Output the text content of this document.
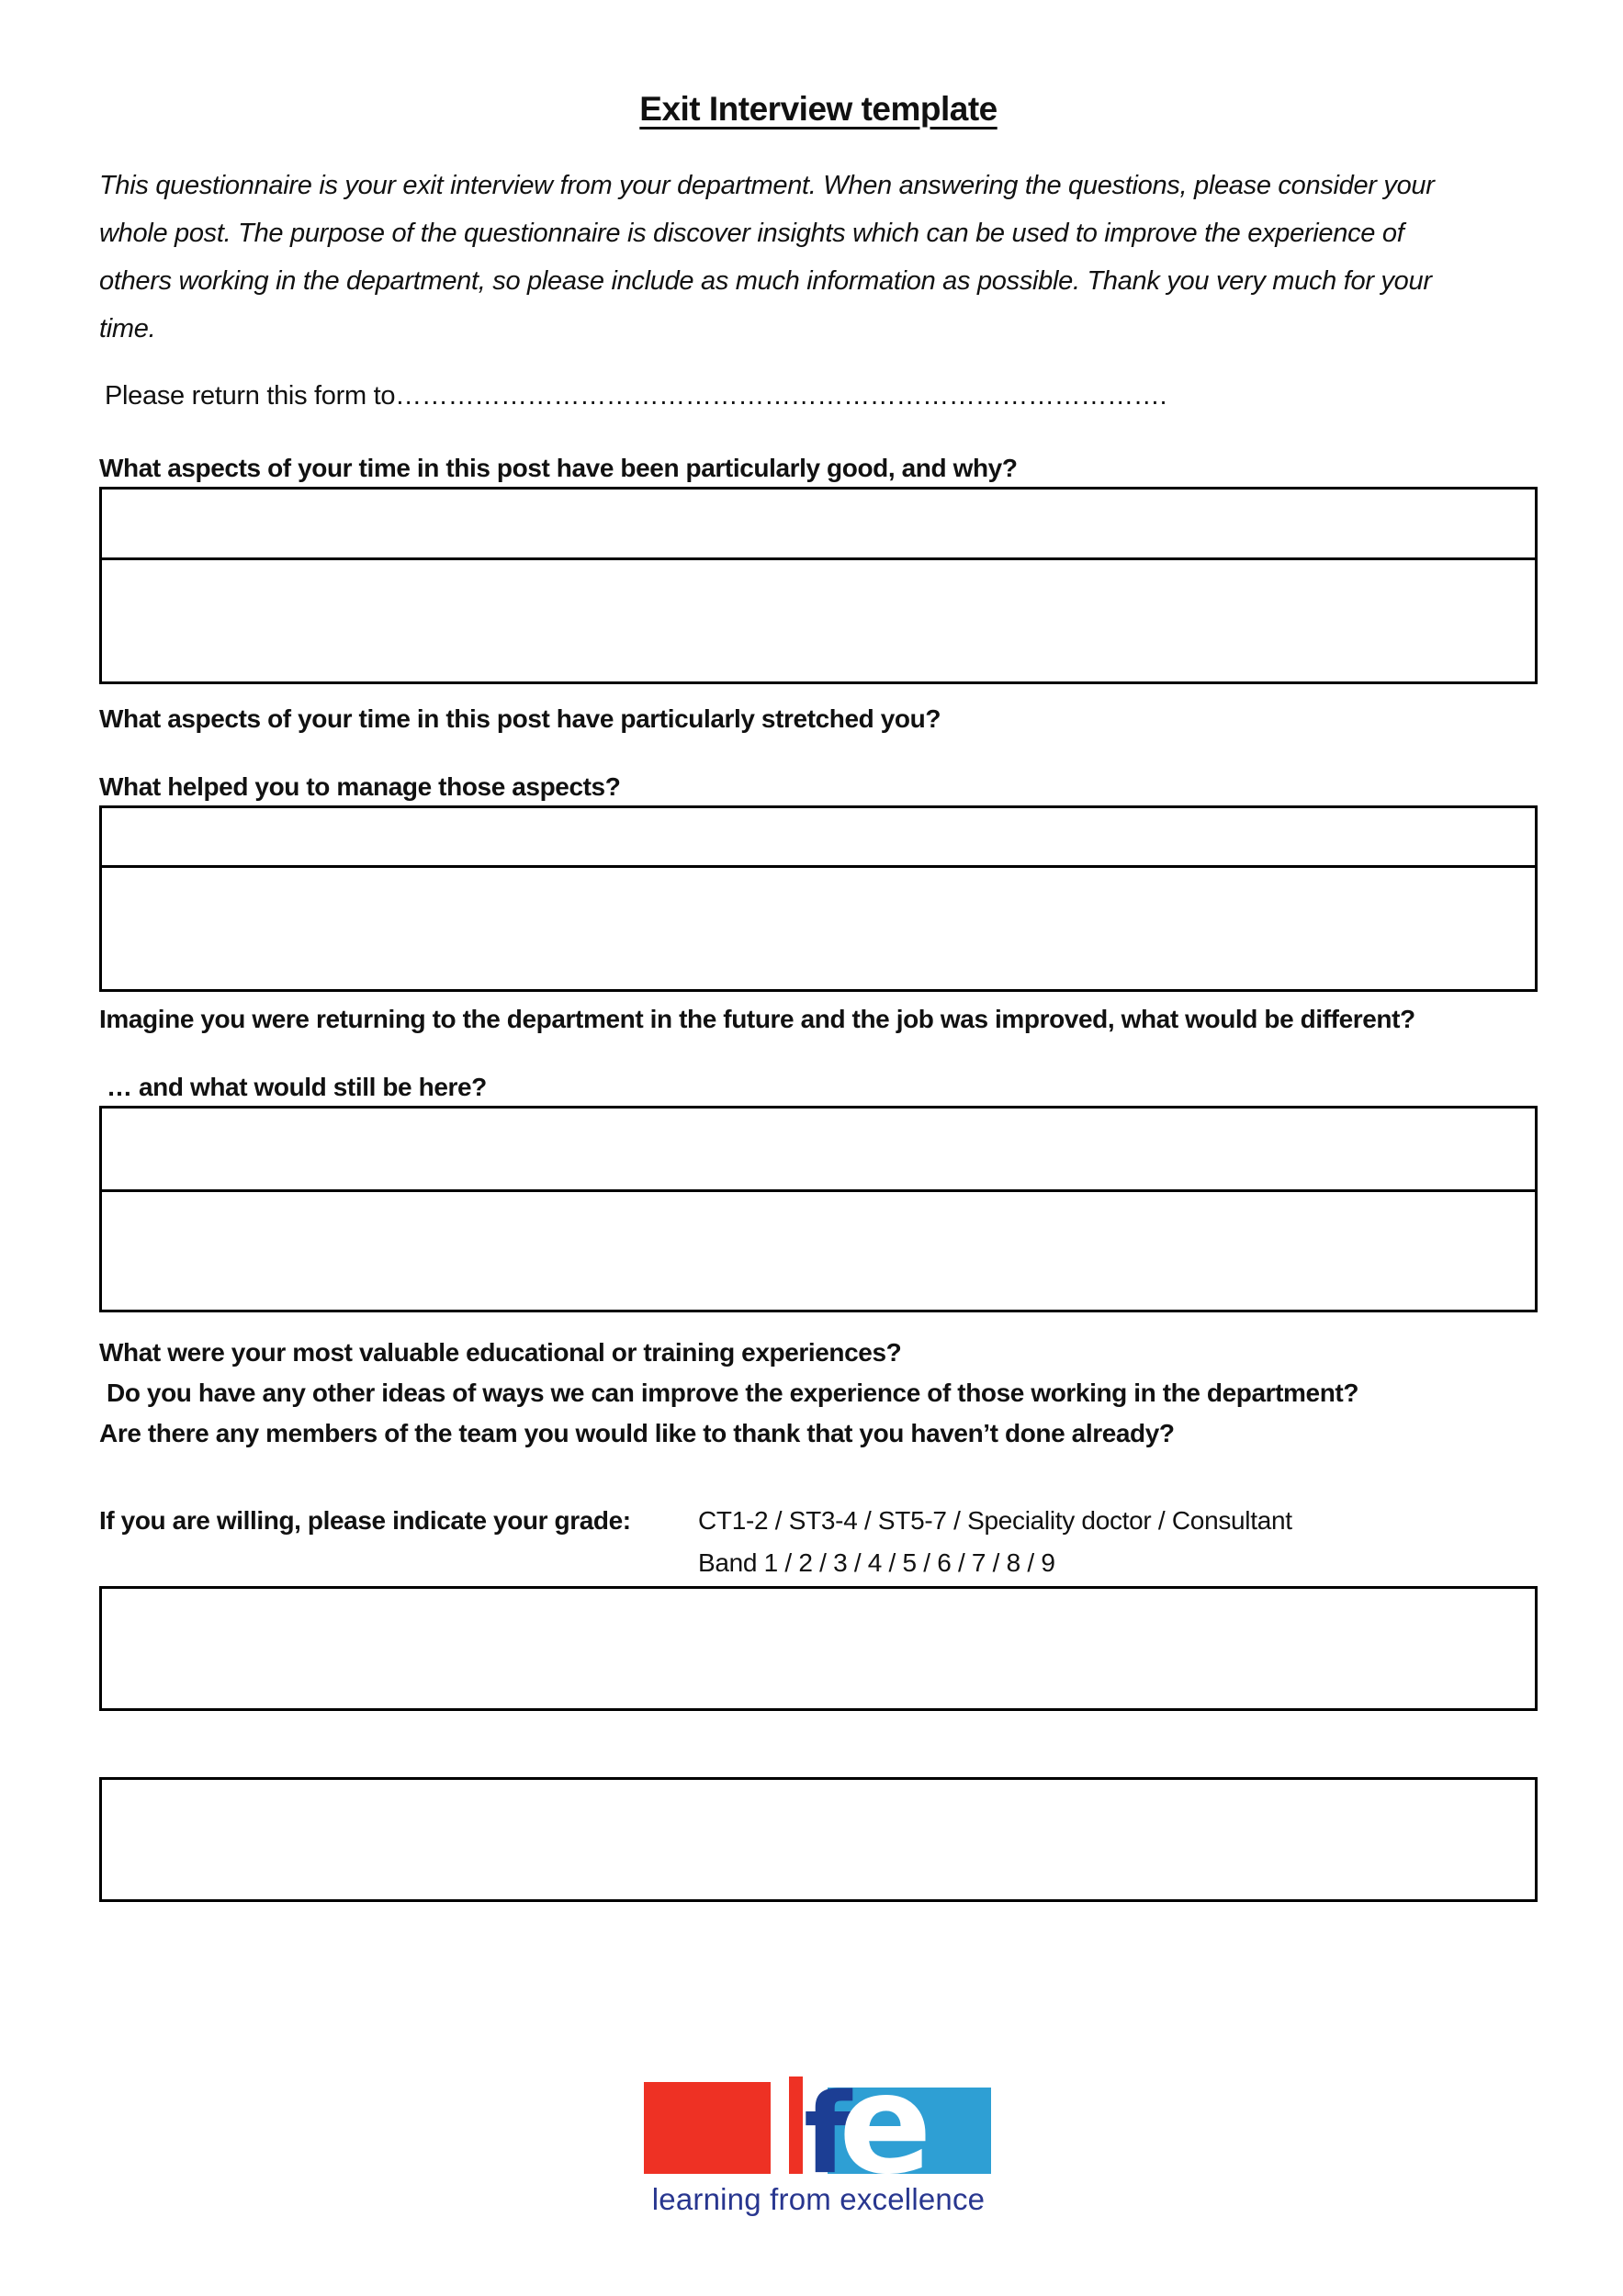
Exit Interview template
This questionnaire is your exit interview from your department. When answering the questions, please consider your
whole post. The purpose of the questionnaire is discover insights which can be used to improve the experience of
others working in the department, so please include as much information as possible. Thank you very much for your
time.
Please return this form to…………………………………………………………………………….
What aspects of your time in this post have been particularly good, and why?
What aspects of your time in this post have particularly stretched you?
What helped you to manage those aspects?
Imagine you were returning to the department in the future and the job was improved, what would be different?
… and what would still be here?
What were your most valuable educational or training experiences?
Do you have any other ideas of ways we can improve the experience of those working in the department?
Are there any members of the team you would like to thank that you haven’t done already?
If you are willing, please indicate your grade:	CT1-2 / ST3-4 / ST5-7 / Speciality doctor / Consultant
Band 1 / 2 / 3 / 4 / 5 / 6 / 7 / 8 / 9
f
e
learning from excellence
